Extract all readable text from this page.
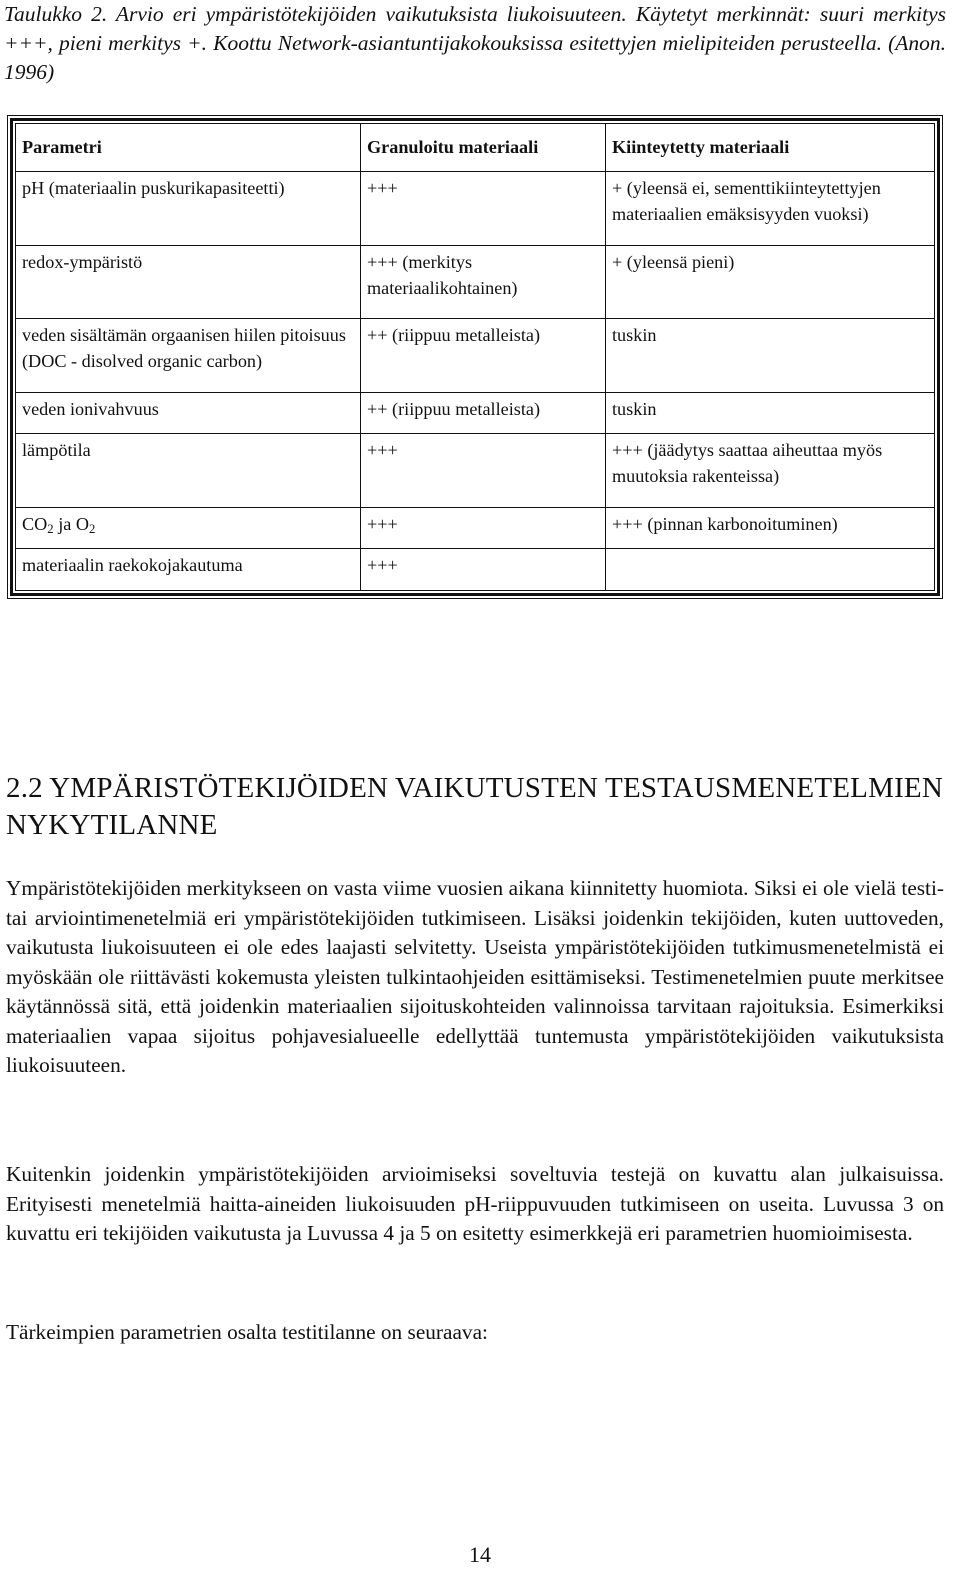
Taulukko 2. Arvio eri ympäristötekijöiden vaikutuksista liukoisuuteen. Käytetyt merkinnät: suuri merkitys +++, pieni merkitys +. Koottu Network-asiantuntijakokouksissa esitettyjen mielipiteiden perusteella. (Anon. 1996)

Parametri	Granuloitu materiaali	Kiinteytetty materiaali
pH (materiaalin puskurikapasiteetti)	+++	+ (yleensä ei, sementtikiinteytettyjen materiaalien emäksisyyden vuoksi)
redox-ympäristö	+++ (merkitys materiaalikohtainen)	+ (yleensä pieni)
veden sisältämän orgaanisen hiilen pitoisuus (DOC - disolved organic carbon)	++ (riippuu metalleista)	tuskin
veden ionivahvuus	++ (riippuu metalleista)	tuskin
lämpötila	+++	+++ (jäädytys saattaa aiheuttaa myös muutoksia rakenteissa)
$CO_2$ ja $O_2$	+++	+++ (pinnan karbonoituminen)
materiaalin raekokojakautuma	+++	
2.2 YMPÄRISTÖTEKIJÖIDEN VAIKUTUSTEN TESTAUSMENETELMIEN NYKYTILANNE

Ympäristötekijöiden merkitykseen on vasta viime vuosien aikana kiinnitetty huomiota. Siksi ei ole vielä testi- tai arviointimenetelmiä eri ympäristötekijöiden tutkimiseen. Lisäksi joidenkin tekijöiden, kuten uuttoveden, vaikutusta liukoisuuteen ei ole edes laajasti selvitetty. Useista ympäristötekijöiden tutkimusmenetelmistä ei myöskään ole riittävästi kokemusta yleisten tulkintaohjeiden esittämiseksi. Testimenetelmien puute merkitsee käytännössä sitä, että joidenkin materiaalien sijoituskohteiden valinnoissa tarvitaan rajoituksia. Esimerkiksi materiaalien vapaa sijoitus pohjavesialueelle edellyttää tuntemusta ympäristötekijöiden vaikutuksista liukoisuuteen.

Kuitenkin joidenkin ympäristötekijöiden arvioimiseksi soveltuvia testejä on kuvattu alan julkaisuissa. Erityisesti menetelmiä haitta-aineiden liukoisuuden pH-riippuvuuden tutkimiseen on useita. Luvussa 3 on kuvattu eri tekijöiden vaikutusta ja Luvussa 4 ja 5 on esitetty esimerkkejä eri parametrien huomioimisesta.

Tärkeimpien parametrien osalta testitilanne on seuraava:

14
